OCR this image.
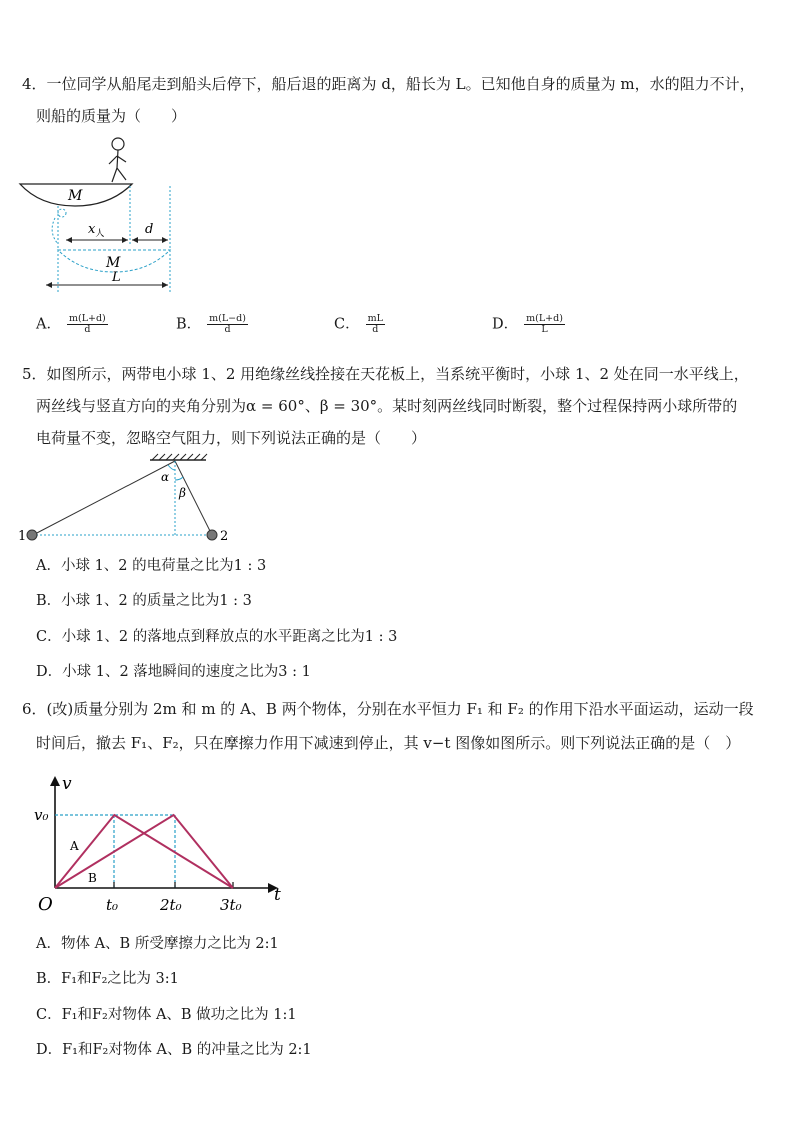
4．一位同学从船尾走到船头后停下，船后退的距离为 d，船长为 L。已知他自身的质量为 m，水的阻力不计，
则船的质量为（　　）
M
$x_人$	d
M
L
A． $\frac{m(L+d)}{d}$	B． $\frac{m(L-d)}{d}$	C． $\frac{mL}{d}$	D． $\frac{m(L+d)}{L}$
5．如图所示，两带电小球 1、2 用绝缘丝线拴接在天花板上，当系统平衡时，小球 1、2 处在同一水平线上，
两丝线与竖直方向的夹角分别为α = 60°、β = 30°。某时刻两丝线同时断裂，整个过程保持两小球所带的
电荷量不变，忽略空气阻力，则下列说法正确的是（　　）
α
β
1	2
A．小球 1、2 的电荷量之比为1 : 3
B．小球 1、2 的质量之比为1 : 3
C．小球 1、2 的落地点到释放点的水平距离之比为1 : 3
D．小球 1、2 落地瞬间的速度之比为3 : 1
6．(改)质量分别为 2m 和 m 的 A、B 两个物体，分别在水平恒力 F₁ 和 F₂ 的作用下沿水平面运动，运动一段
时间后，撤去 F₁、F₂，只在摩擦力作用下减速到停止，其 v−t 图像如图所示。则下列说法正确的是（　）
v
t
O
v₀
t₀	2t₀	3t₀
A
B
A．物体 A、B 所受摩擦力之比为 2:1
B．F₁和F₂之比为 3:1
C．F₁和F₂对物体 A、B 做功之比为 1:1
D．F₁和F₂对物体 A、B 的冲量之比为 2:1
